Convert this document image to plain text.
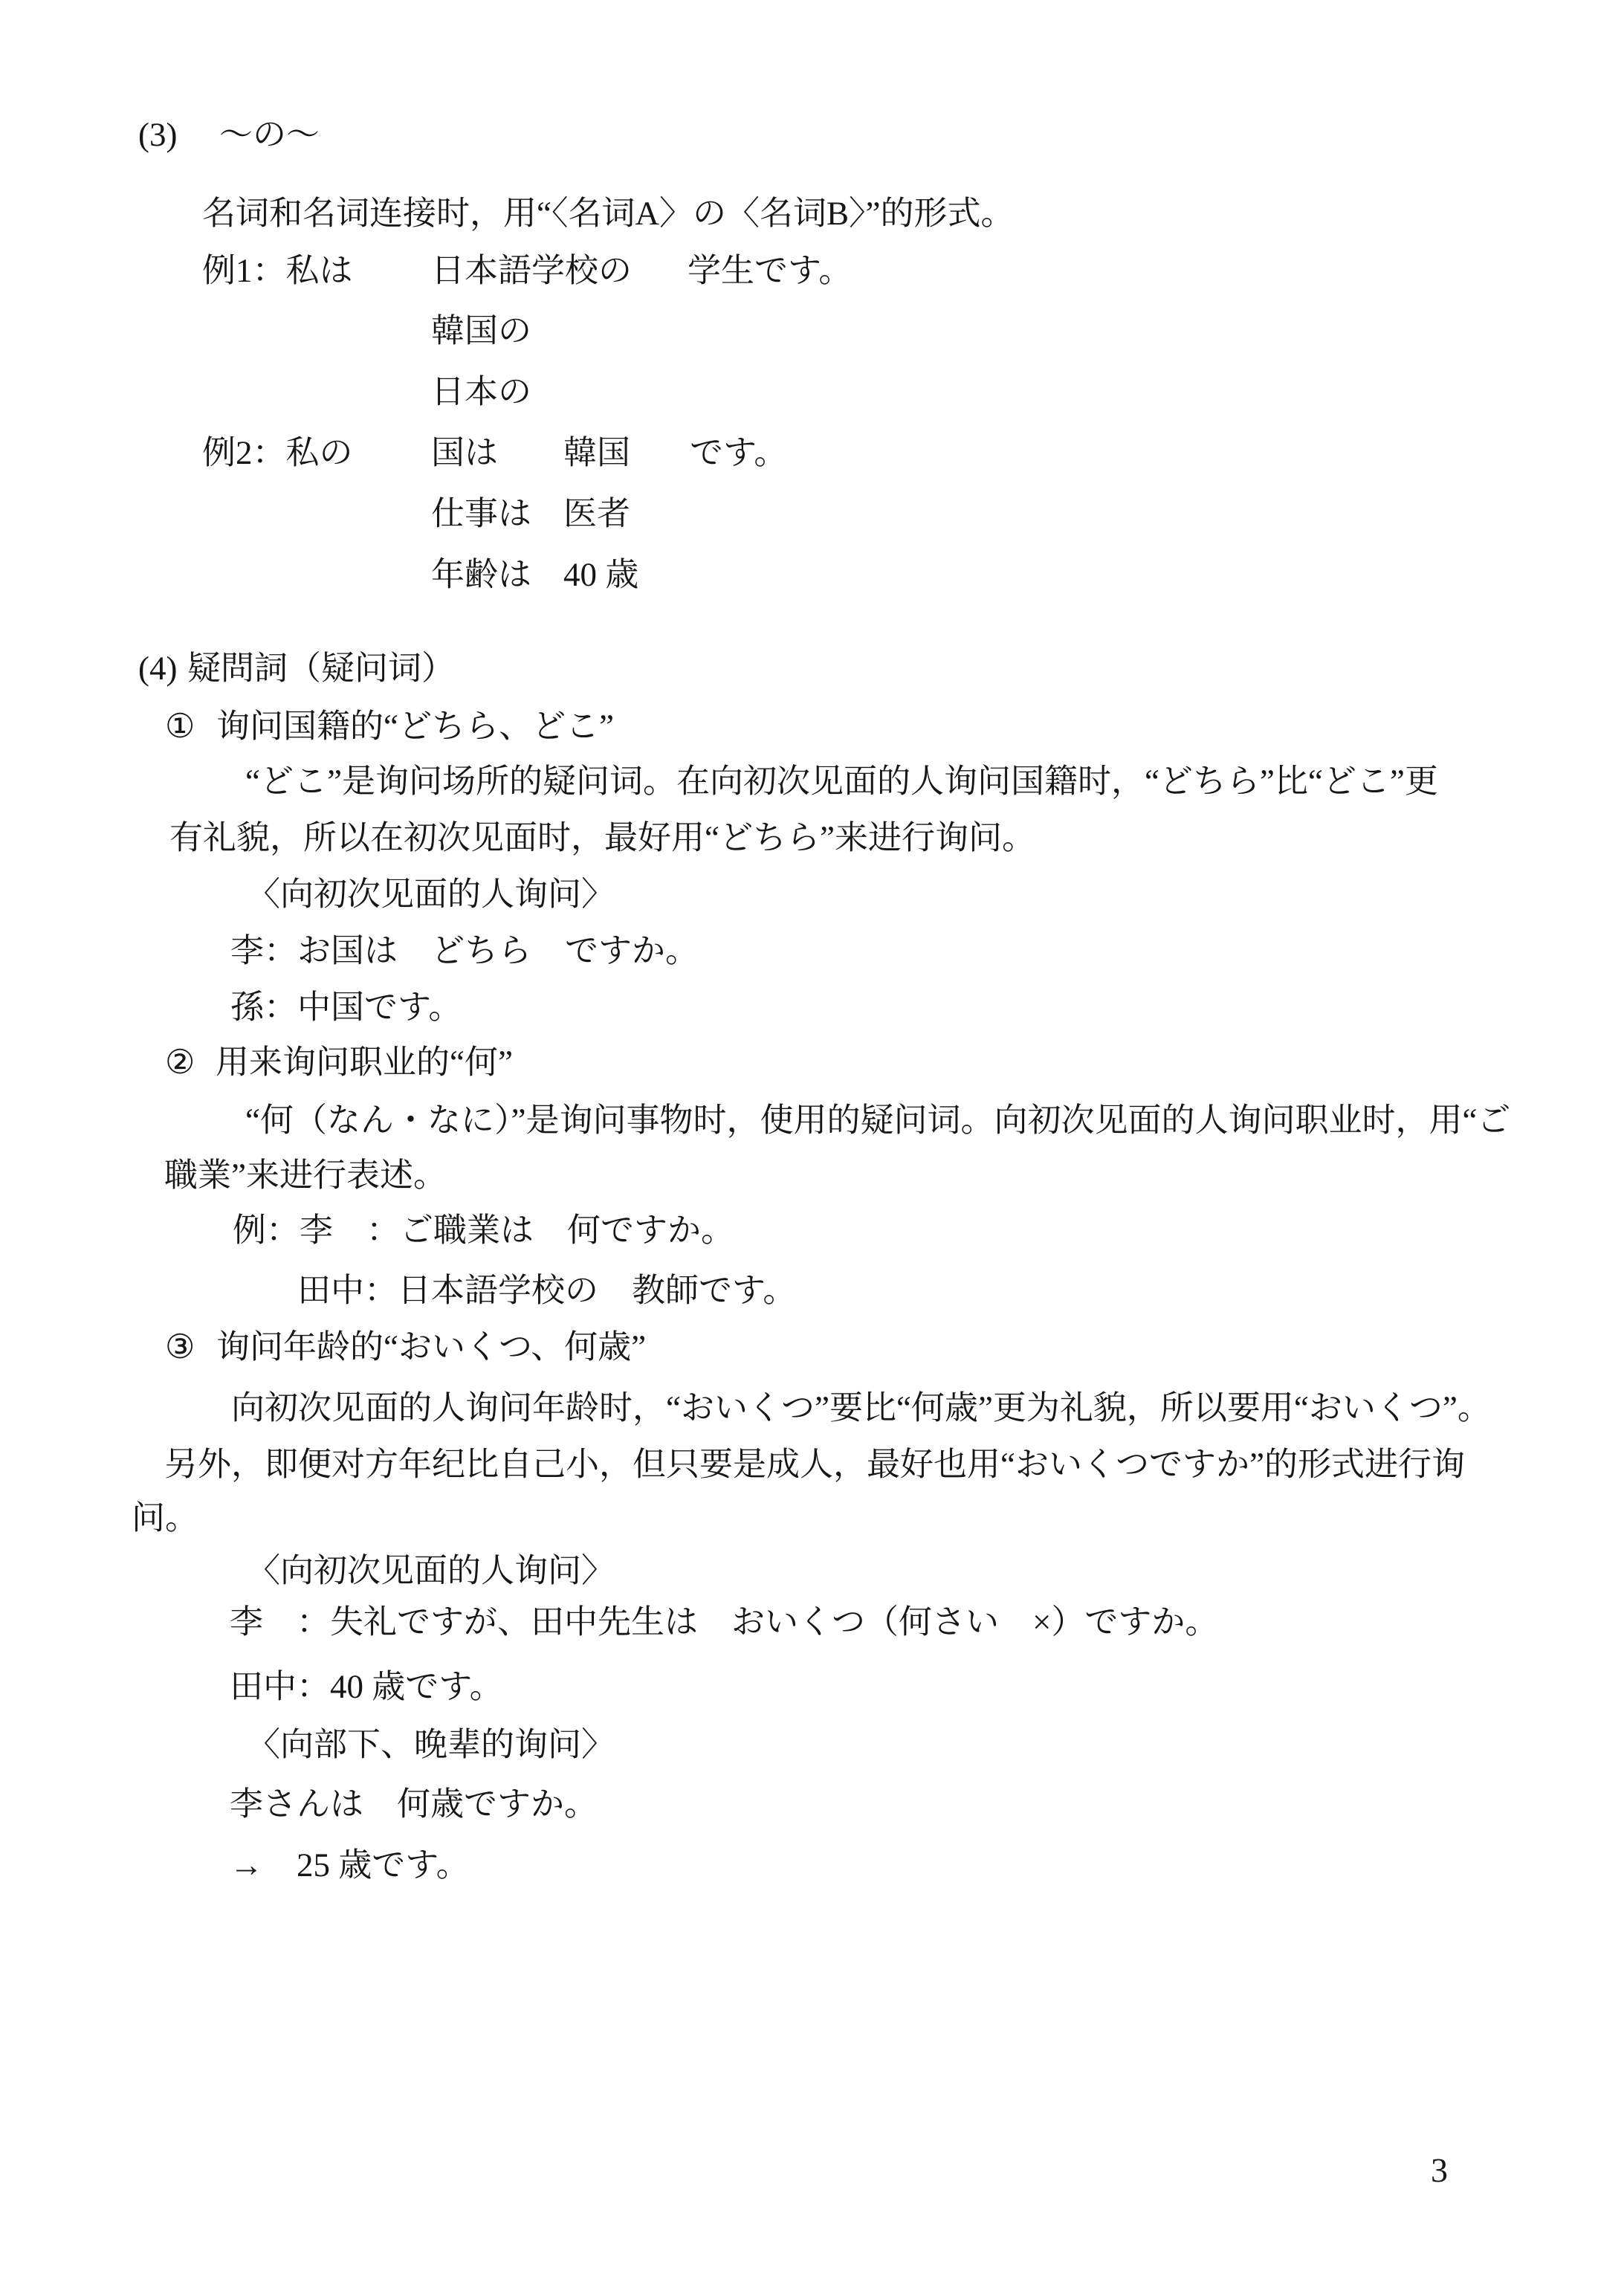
3
(3) ～の～
名词和名词连接时，用“〈名词A〉の〈名词B〉”的形式。
例1：私は 日本語学校の 学生です。
韓国の
日本の
例2：私の 国は 韓国 です。
仕事は 医者
年齢は 40 歳
(4) 疑問詞（疑问词）
① 询问国籍的“どちら、どこ”
“どこ”是询问场所的疑问词。在向初次见面的人询问国籍时，“どちら”比“どこ”更
有礼貌，所以在初次见面时，最好用“どちら”来进行询问。
〈向初次见面的人询问〉
李：お国は　どちら　ですか。
孫：中国です。
② 用来询问职业的“何”
“何（なん・なに）”是询问事物时，使用的疑问词。向初次见面的人询问职业时，用“ご
職業”来进行表述。
例：李　：ご職業は　何ですか。
田中：日本語学校の　教師です。
③ 询问年龄的“おいくつ、何歳”
向初次见面的人询问年龄时，“おいくつ”要比“何歳”更为礼貌，所以要用“おいくつ”。
另外，即便对方年纪比自己小，但只要是成人，最好也用“おいくつですか”的形式进行询
问。
〈向初次见面的人询问〉
李　：失礼ですが、田中先生は　おいくつ（何さい　×）ですか。
田中：40 歳です。
〈向部下、晚辈的询问〉
李さんは　何歳ですか。
→　25 歳です。
